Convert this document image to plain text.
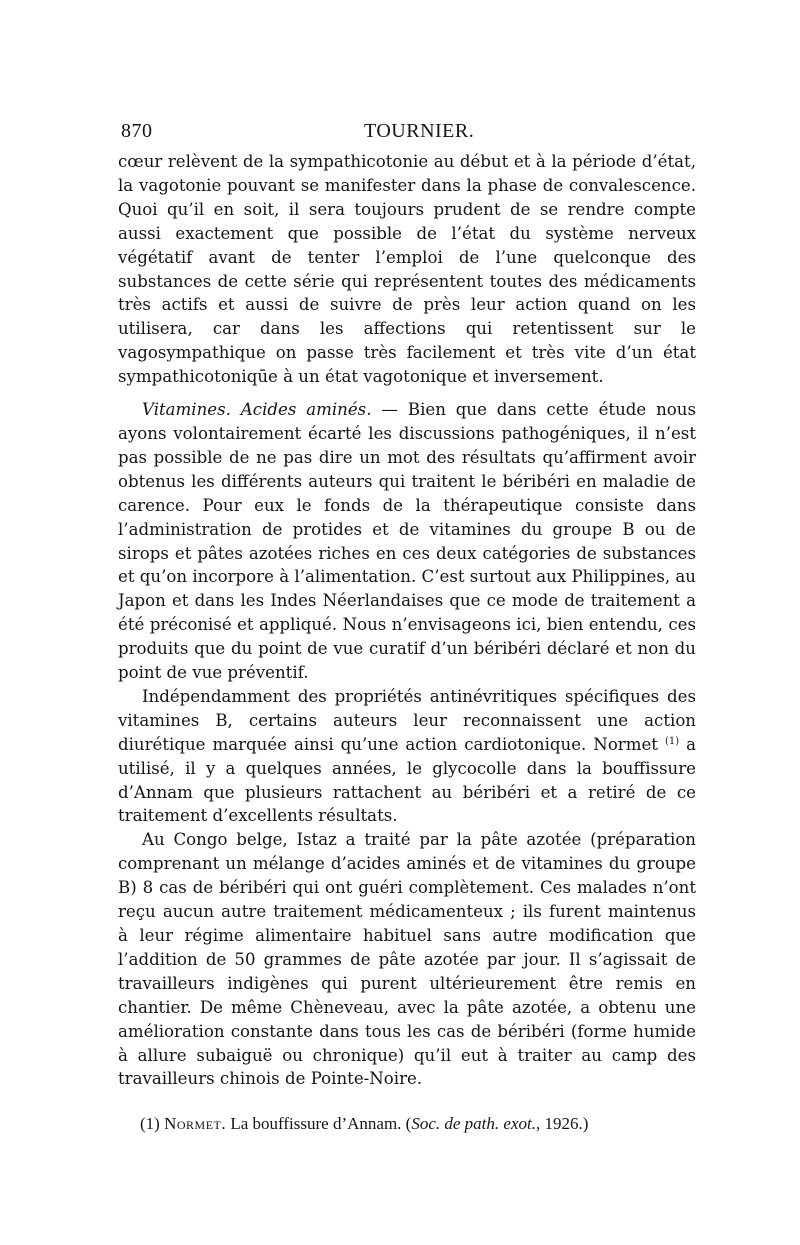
870	TOURNIER.

cœur relèvent de la sympathicotonie au début et à la période d’état, la vagotonie pouvant se manifester dans la phase de convalescence. Quoi qu’il en soit, il sera toujours prudent de se rendre compte aussi exactement que possible de l’état du système nerveux végétatif avant de tenter l’emploi de l’une quelconque des substances de cette série qui représentent toutes des médicaments très actifs et aussi de suivre de près leur action quand on les utilisera, car dans les affections qui retentissent sur le vagosympathique on passe très facilement et très vite d’un état sympathicotoniqūe à un état vagotonique et inversement.

Vitamines. Acides aminés. — Bien que dans cette étude nous ayons volontairement écarté les discussions pathogéniques, il n’est pas possible de ne pas dire un mot des résultats qu’affirment avoir obtenus les différents auteurs qui traitent le béribéri en maladie de carence. Pour eux le fonds de la thérapeutique consiste dans l’administration de protides et de vitamines du groupe B ou de sirops et pâtes azotées riches en ces deux catégories de substances et qu’on incorpore à l’alimentation. C’est surtout aux Philippines, au Japon et dans les Indes Néerlandaises que ce mode de traitement a été préconisé et appliqué. Nous n’envisageons ici, bien entendu, ces produits que du point de vue curatif d’un béribéri déclaré et non du point de vue préventif.

Indépendamment des propriétés antinévritiques spécifiques des vitamines B, certains auteurs leur reconnaissent une action diurétique marquée ainsi qu’une action cardiotonique. Normet $^{(1)}$ a utilisé, il y a quelques années, le glycocolle dans la bouffissure d’Annam que plusieurs rattachent au béribéri et a retiré de ce traitement d’excellents résultats.

Au Congo belge, Istaz a traité par la pâte azotée (préparation comprenant un mélange d’acides aminés et de vitamines du groupe B) 8 cas de béribéri qui ont guéri complètement. Ces malades n’ont reçu aucun autre traitement médicamenteux ; ils furent maintenus à leur régime alimentaire habituel sans autre modification que l’addition de 50 grammes de pâte azotée par jour. Il s’agissait de travailleurs indigènes qui purent ultérieurement être remis en chantier. De même Chèneveau, avec la pâte azotée, a obtenu une amélioration constante dans tous les cas de béribéri (forme humide à allure subaiguë ou chronique) qu’il eut à traiter au camp des travailleurs chinois de Pointe-Noire.

(1) Normet. La bouffissure d’Annam. (Soc. de path. exot., 1926.)
